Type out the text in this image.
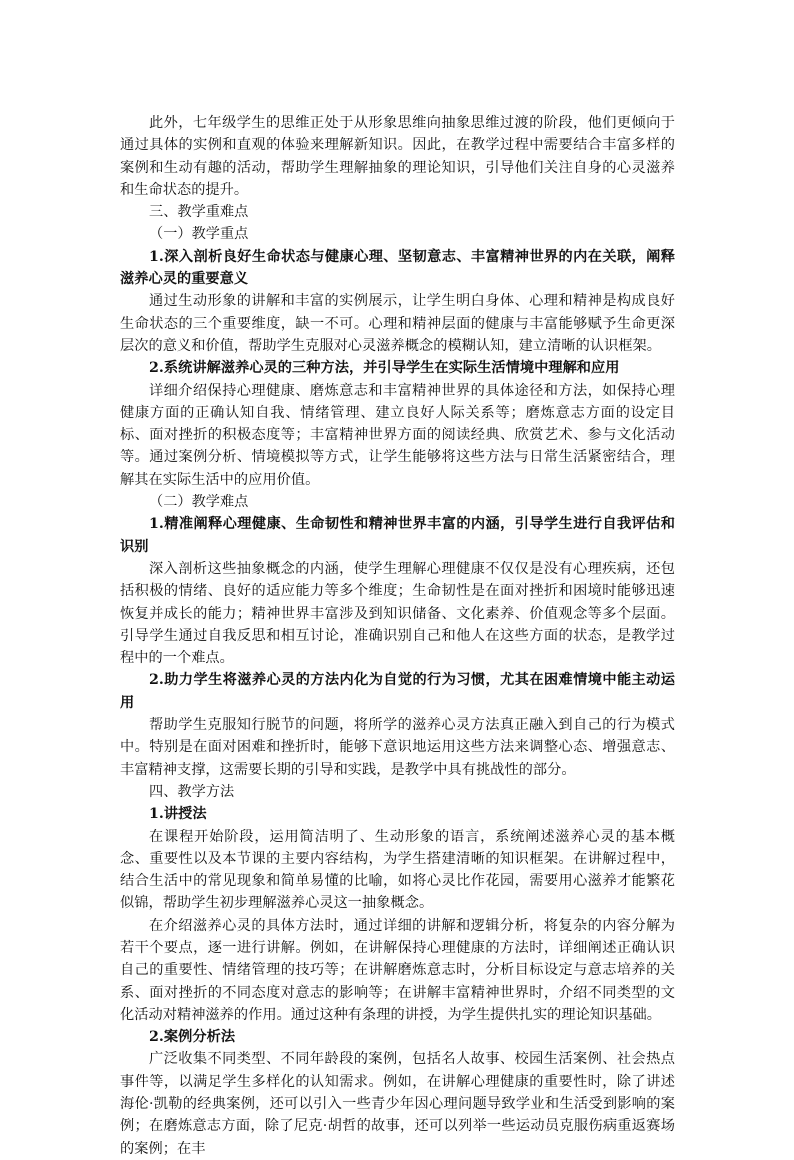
此外，七年级学生的思维正处于从形象思维向抽象思维过渡的阶段，他们更倾向于通过具体的实例和直观的体验来理解新知识。因此，在教学过程中需要结合丰富多样的案例和生动有趣的活动，帮助学生理解抽象的理论知识，引导他们关注自身的心灵滋养和生命状态的提升。

三、教学重难点

（一）教学重点

1.深入剖析良好生命状态与健康心理、坚韧意志、丰富精神世界的内在关联，阐释滋养心灵的重要意义

通过生动形象的讲解和丰富的实例展示，让学生明白身体、心理和精神是构成良好生命状态的三个重要维度，缺一不可。心理和精神层面的健康与丰富能够赋予生命更深层次的意义和价值，帮助学生克服对心灵滋养概念的模糊认知，建立清晰的认识框架。

2.系统讲解滋养心灵的三种方法，并引导学生在实际生活情境中理解和应用

详细介绍保持心理健康、磨炼意志和丰富精神世界的具体途径和方法，如保持心理健康方面的正确认知自我、情绪管理、建立良好人际关系等；磨炼意志方面的设定目标、面对挫折的积极态度等；丰富精神世界方面的阅读经典、欣赏艺术、参与文化活动等。通过案例分析、情境模拟等方式，让学生能够将这些方法与日常生活紧密结合，理解其在实际生活中的应用价值。

（二）教学难点

1.精准阐释心理健康、生命韧性和精神世界丰富的内涵，引导学生进行自我评估和识别

深入剖析这些抽象概念的内涵，使学生理解心理健康不仅仅是没有心理疾病，还包括积极的情绪、良好的适应能力等多个维度；生命韧性是在面对挫折和困境时能够迅速恢复并成长的能力；精神世界丰富涉及到知识储备、文化素养、价值观念等多个层面。引导学生通过自我反思和相互讨论，准确识别自己和他人在这些方面的状态，是教学过程中的一个难点。

2.助力学生将滋养心灵的方法内化为自觉的行为习惯，尤其在困难情境中能主动运用

帮助学生克服知行脱节的问题，将所学的滋养心灵方法真正融入到自己的行为模式中。特别是在面对困难和挫折时，能够下意识地运用这些方法来调整心态、增强意志、丰富精神支撑，这需要长期的引导和实践，是教学中具有挑战性的部分。

四、教学方法

1.讲授法

在课程开始阶段，运用简洁明了、生动形象的语言，系统阐述滋养心灵的基本概念、重要性以及本节课的主要内容结构，为学生搭建清晰的知识框架。在讲解过程中，结合生活中的常见现象和简单易懂的比喻，如将心灵比作花园，需要用心滋养才能繁花似锦，帮助学生初步理解滋养心灵这一抽象概念。

在介绍滋养心灵的具体方法时，通过详细的讲解和逻辑分析，将复杂的内容分解为若干个要点，逐一进行讲解。例如，在讲解保持心理健康的方法时，详细阐述正确认识自己的重要性、情绪管理的技巧等；在讲解磨炼意志时，分析目标设定与意志培养的关系、面对挫折的不同态度对意志的影响等；在讲解丰富精神世界时，介绍不同类型的文化活动对精神滋养的作用。通过这种有条理的讲授，为学生提供扎实的理论知识基础。

2.案例分析法

广泛收集不同类型、不同年龄段的案例，包括名人故事、校园生活案例、社会热点事件等，以满足学生多样化的认知需求。例如，在讲解心理健康的重要性时，除了讲述海伦·凯勒的经典案例，还可以引入一些青少年因心理问题导致学业和生活受到影响的案例；在磨炼意志方面，除了尼克·胡哲的故事，还可以列举一些运动员克服伤病重返赛场的案例；在丰
